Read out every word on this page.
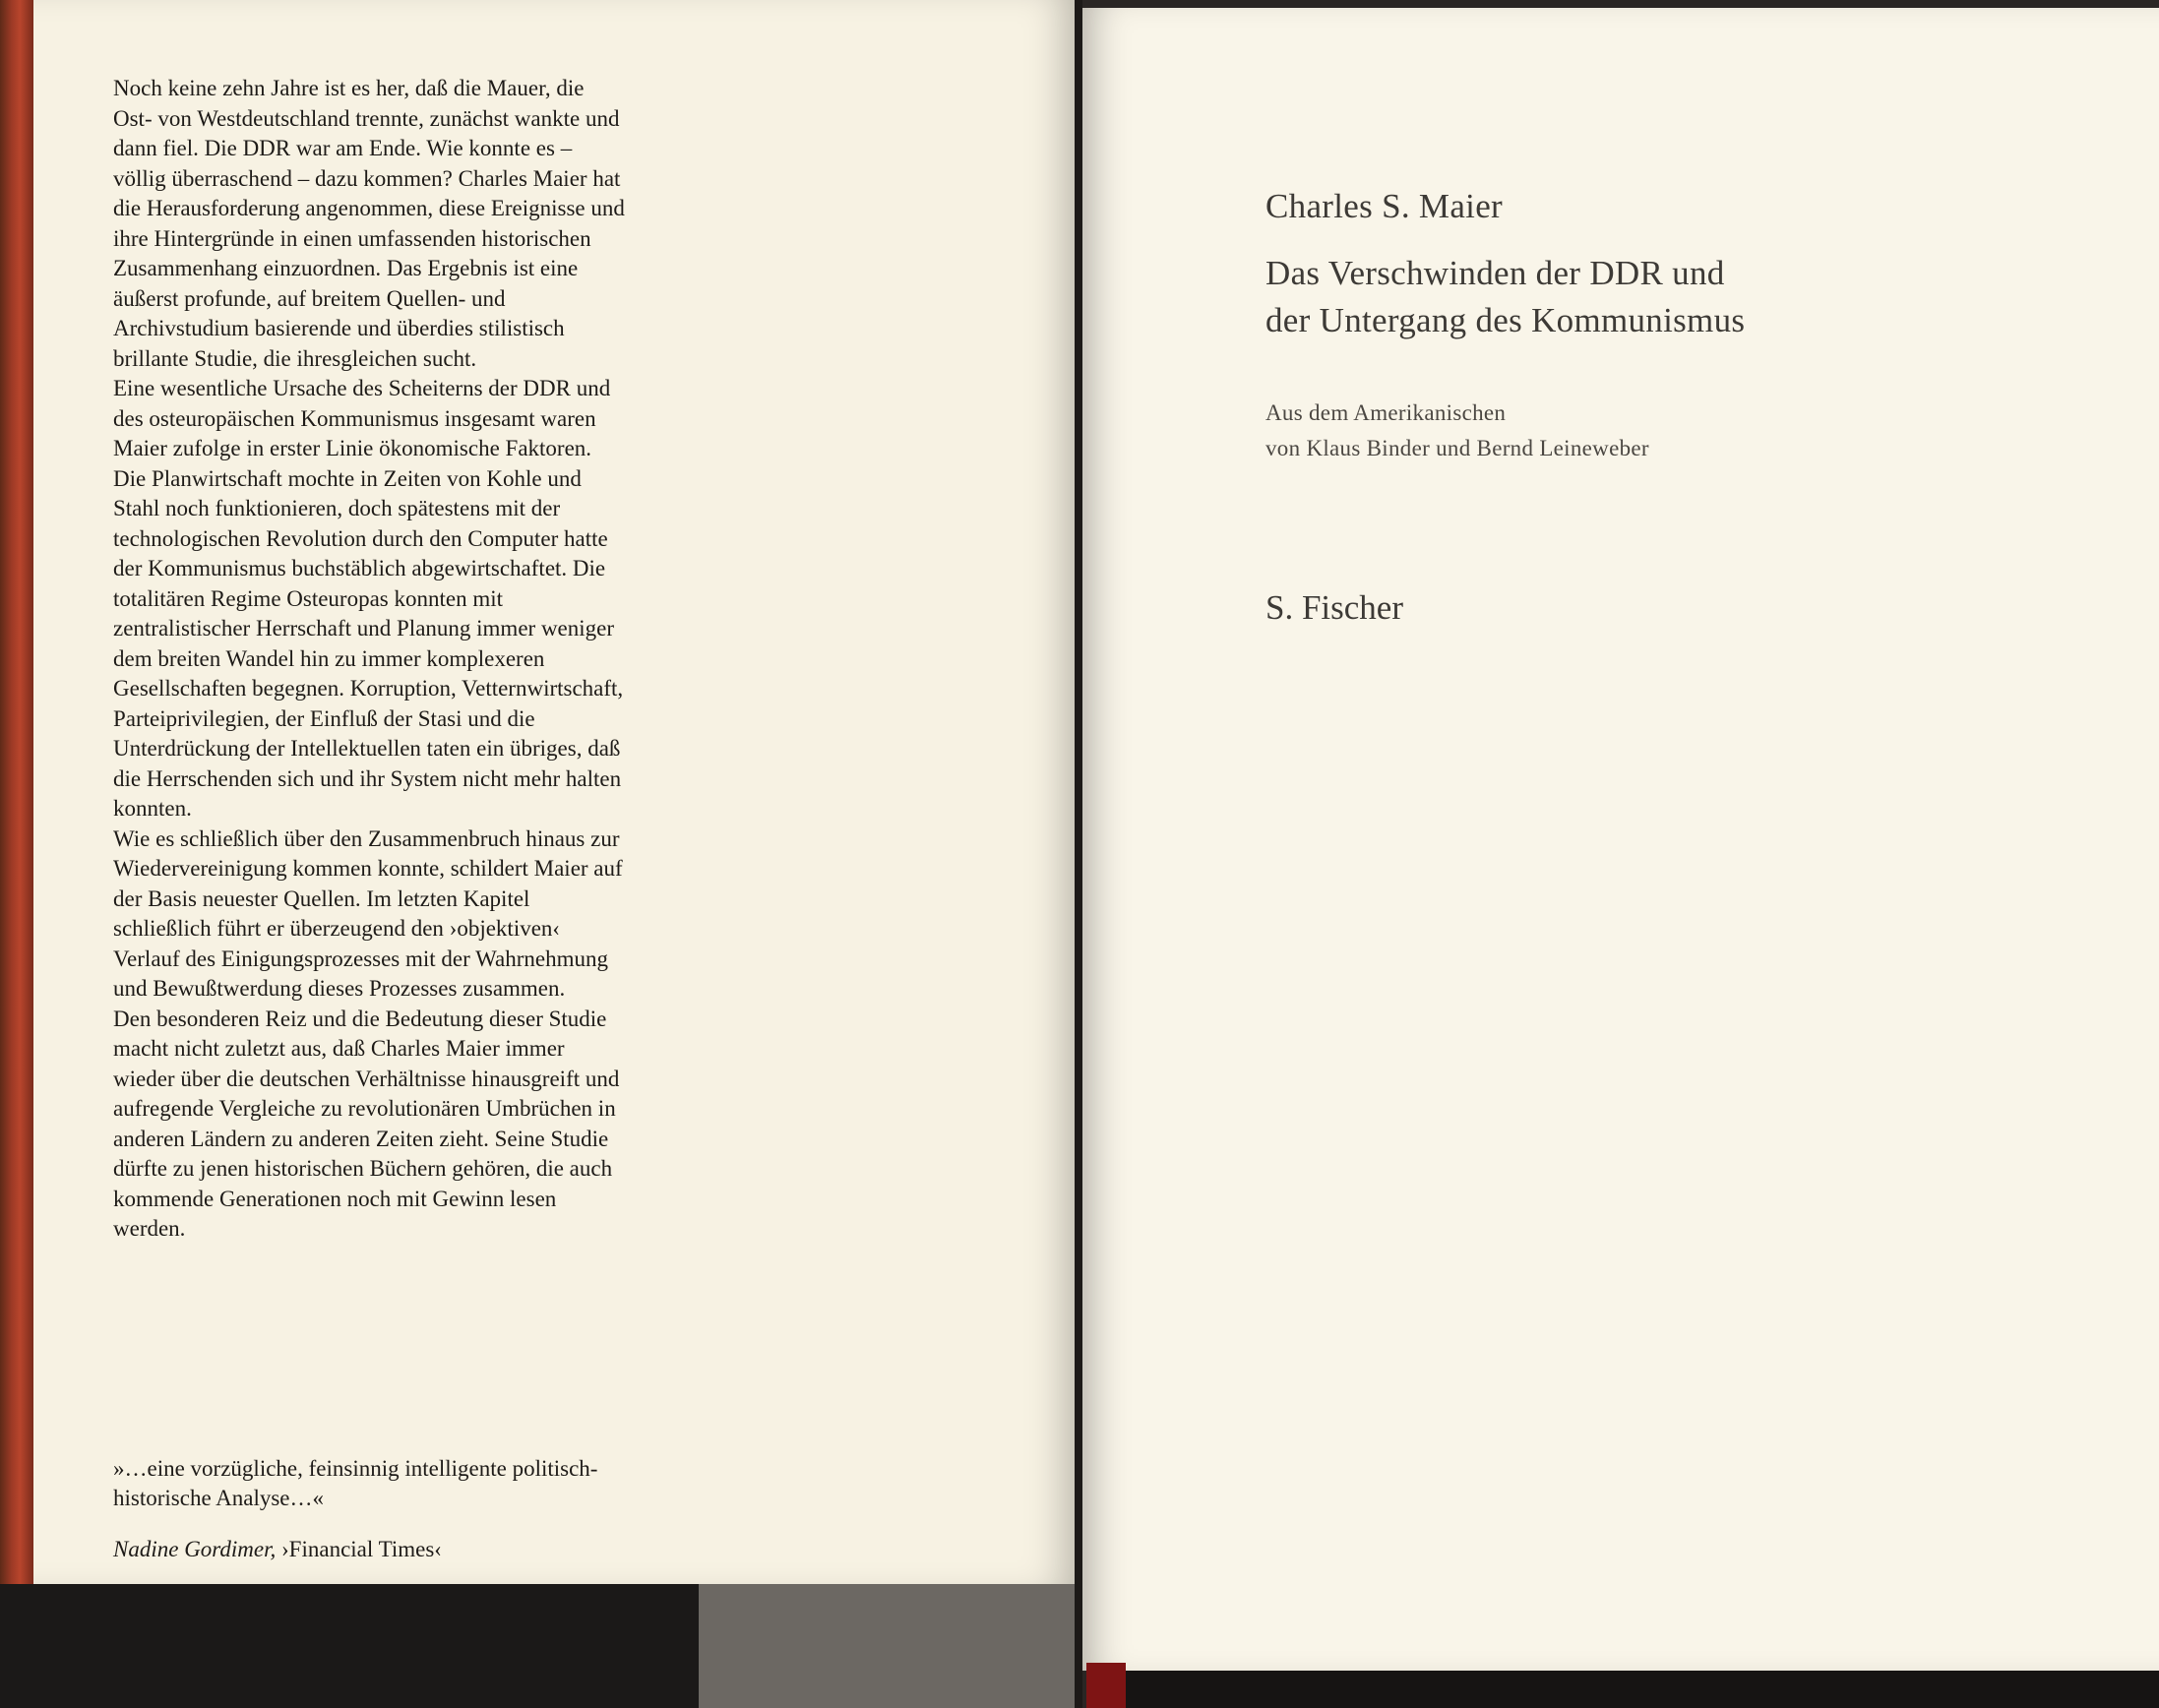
Noch keine zehn Jahre ist es her, daß die Mauer, die Ost- von Westdeutschland trennte, zunächst wankte und dann fiel. Die DDR war am Ende. Wie konnte es – völlig überraschend – dazu kommen? Charles Maier hat die Herausforderung angenommen, diese Ereignisse und ihre Hintergründe in einen umfassenden historischen Zusammenhang einzuordnen. Das Ergebnis ist eine äußerst profunde, auf breitem Quellen- und Archivstudium basierende und überdies stilistisch brillante Studie, die ihresgleichen sucht.

Eine wesentliche Ursache des Scheiterns der DDR und des osteuropäischen Kommunismus insgesamt waren Maier zufolge in erster Linie ökonomische Faktoren. Die Planwirtschaft mochte in Zeiten von Kohle und Stahl noch funktionieren, doch spätestens mit der technologischen Revolution durch den Computer hatte der Kommunismus buchstäblich abgewirtschaftet. Die totalitären Regime Osteuropas konnten mit zentralistischer Herrschaft und Planung immer weniger dem breiten Wandel hin zu immer komplexeren Gesellschaften begegnen. Korruption, Vetternwirtschaft, Parteiprivilegien, der Einfluß der Stasi und die Unterdrückung der Intellektuellen taten ein übriges, daß die Herrschenden sich und ihr System nicht mehr halten konnten.

Wie es schließlich über den Zusammenbruch hinaus zur Wiedervereinigung kommen konnte, schildert Maier auf der Basis neuester Quellen. Im letzten Kapitel schließlich führt er überzeugend den ›objektiven‹ Verlauf des Einigungsprozesses mit der Wahrnehmung und Bewußtwerdung dieses Prozesses zusammen.

Den besonderen Reiz und die Bedeutung dieser Studie macht nicht zuletzt aus, daß Charles Maier immer wieder über die deutschen Verhältnisse hinausgreift und aufregende Vergleiche zu revolutionären Umbrüchen in anderen Ländern zu anderen Zeiten zieht. Seine Studie dürfte zu jenen historischen Büchern gehören, die auch kommende Generationen noch mit Gewinn lesen werden.

»…eine vorzügliche, feinsinnig intelligente politisch-historische Analyse…«

Nadine Gordimer, ›Financial Times‹
Charles S. Maier
Das Verschwinden der DDR und
der Untergang des Kommunismus
Aus dem Amerikanischen
von Klaus Binder und Bernd Leineweber
S. Fischer
